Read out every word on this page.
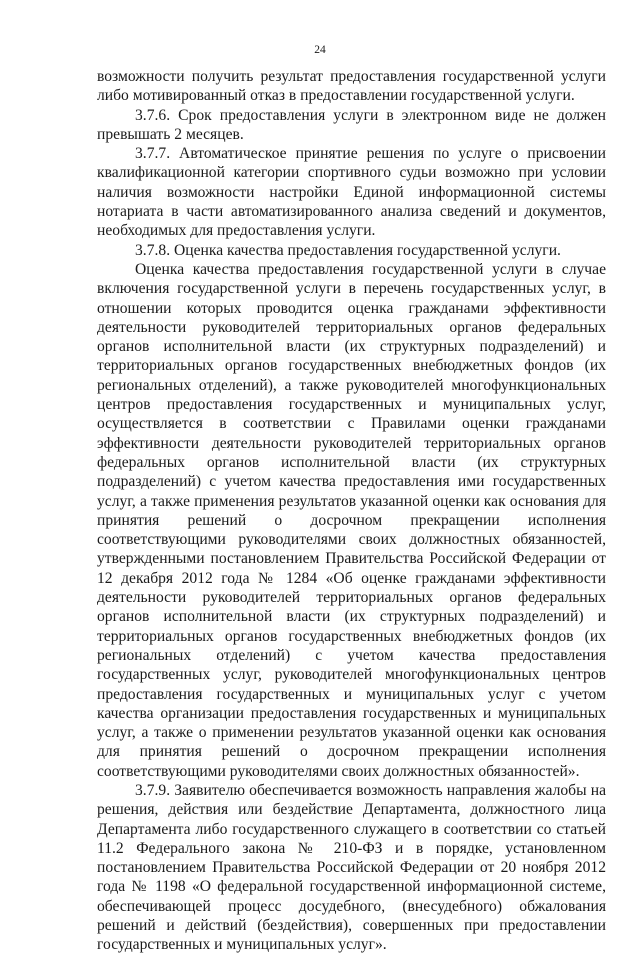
24

возможности получить результат предоставления государственной услуги либо мотивированный отказ в предоставлении государственной услуги.

3.7.6. Срок предоставления услуги в электронном виде не должен превышать 2 месяцев.

3.7.7. Автоматическое принятие решения по услуге о присвоении квалификационной категории спортивного судьи возможно при условии наличия возможности настройки Единой информационной системы нотариата в части автоматизированного анализа сведений и документов, необходимых для предоставления услуги.

3.7.8. Оценка качества предоставления государственной услуги.

Оценка качества предоставления государственной услуги в случае включения государственной услуги в перечень государственных услуг, в отношении которых проводится оценка гражданами эффективности деятельности руководителей территориальных органов федеральных органов исполнительной власти (их структурных подразделений) и территориальных органов государственных внебюджетных фондов (их региональных отделений), а также руководителей многофункциональных центров предоставления государственных и муниципальных услуг, осуществляется в соответствии с Правилами оценки гражданами эффективности деятельности руководителей территориальных органов федеральных органов исполнительной власти (их структурных подразделений) с учетом качества предоставления ими государственных услуг, а также применения результатов указанной оценки как основания для принятия решений о досрочном прекращении исполнения соответствующими руководителями своих должностных обязанностей, утвержденными постановлением Правительства Российской Федерации от 12 декабря 2012 года № 1284 «Об оценке гражданами эффективности деятельности руководителей территориальных органов федеральных органов исполнительной власти (их структурных подразделений) и территориальных органов государственных внебюджетных фондов (их региональных отделений) с учетом качества предоставления государственных услуг, руководителей многофункциональных центров предоставления государственных и муниципальных услуг с учетом качества организации предоставления государственных и муниципальных услуг, а также о применении результатов указанной оценки как основания для принятия решений о досрочном прекращении исполнения соответствующими руководителями своих должностных обязанностей».

3.7.9. Заявителю обеспечивается возможность направления жалобы на решения, действия или бездействие Департамента, должностного лица Департамента либо государственного служащего в соответствии со статьей 11.2 Федерального закона № 210-ФЗ и в порядке, установленном постановлением Правительства Российской Федерации от 20 ноября 2012 года № 1198 «О федеральной государственной информационной системе, обеспечивающей процесс досудебного, (внесудебного) обжалования решений и действий (бездействия), совершенных при предоставлении государственных и муниципальных услуг».
